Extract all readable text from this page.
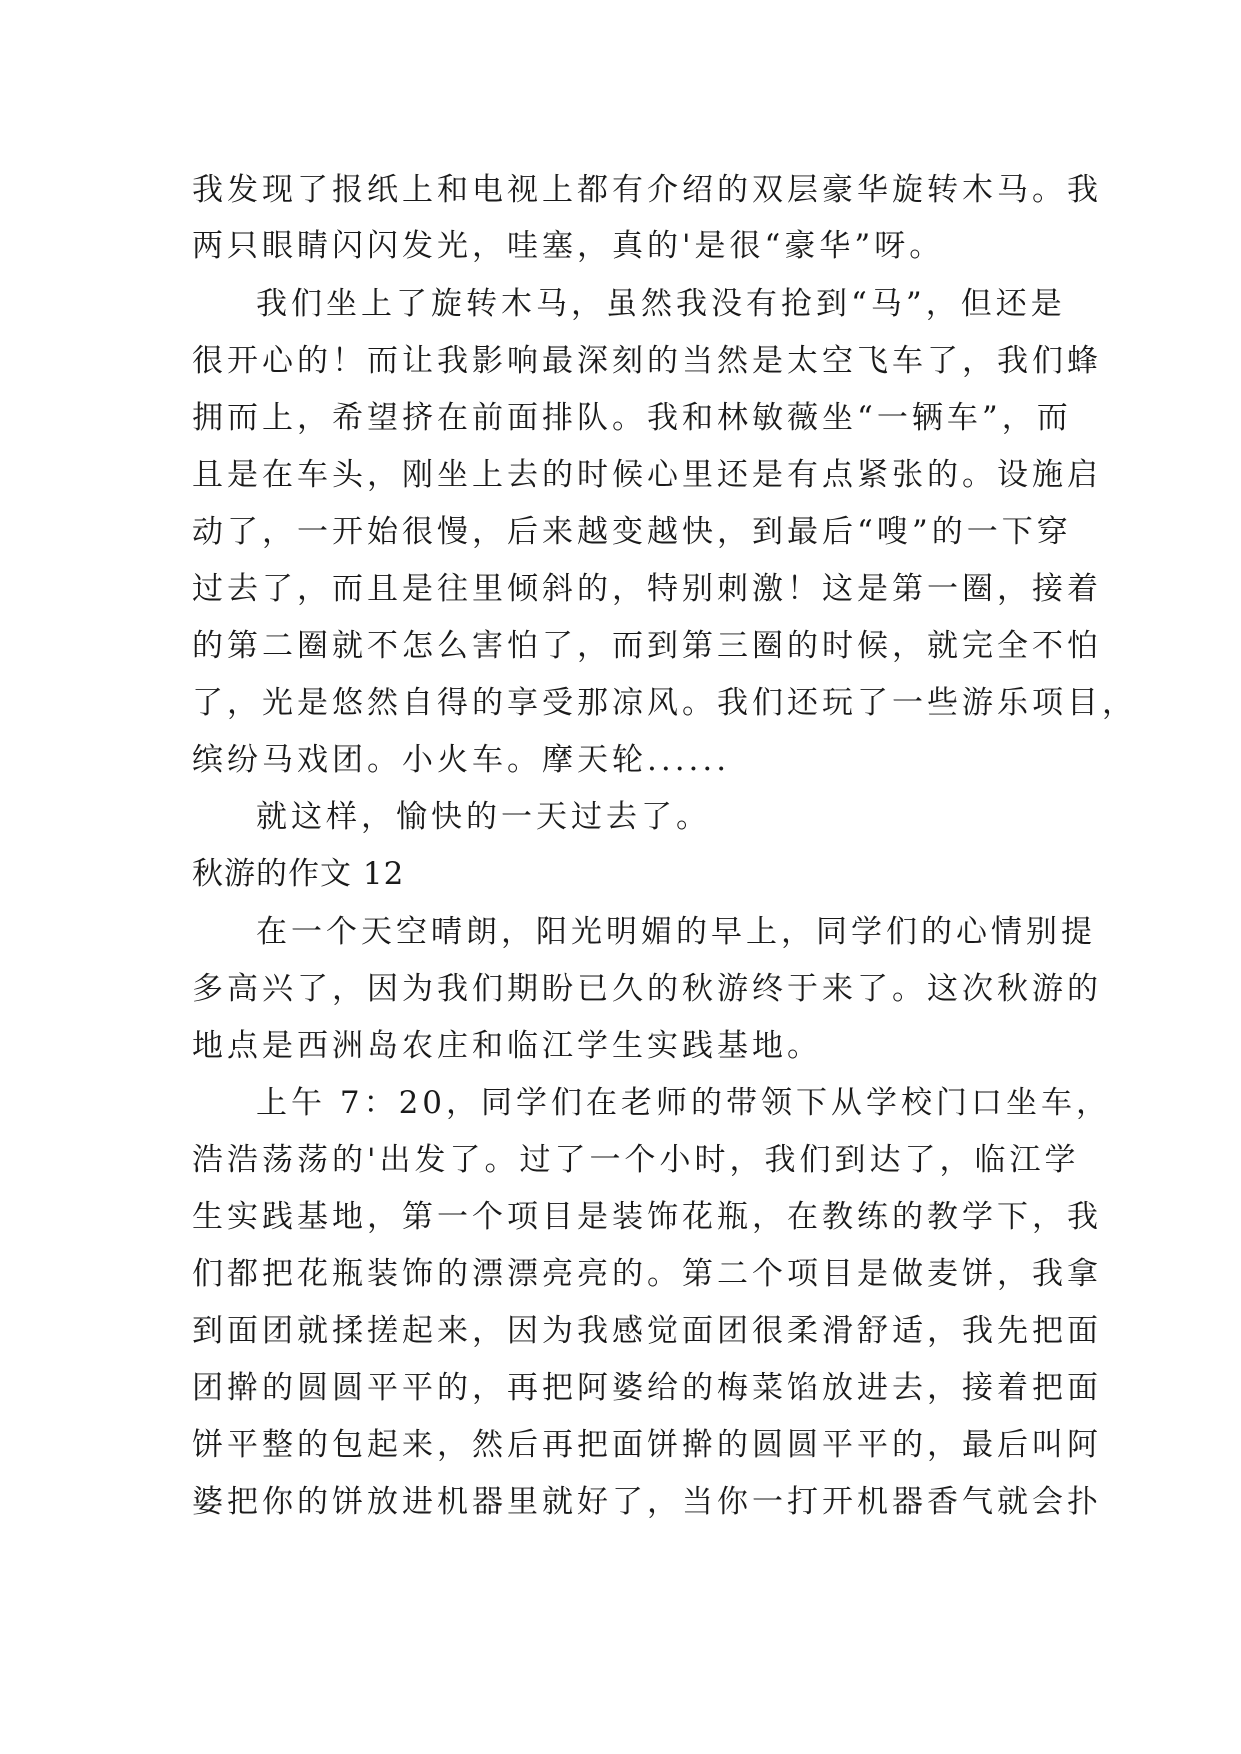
我发现了报纸上和电视上都有介绍的双层豪华旋转木马。我
两只眼睛闪闪发光，哇塞，真的'是很“豪华”呀。
我们坐上了旋转木马，虽然我没有抢到“马”，但还是
很开心的！而让我影响最深刻的当然是太空飞车了，我们蜂
拥而上，希望挤在前面排队。我和林敏薇坐“一辆车”，而
且是在车头，刚坐上去的时候心里还是有点紧张的。设施启
动了，一开始很慢，后来越变越快，到最后“嗖”的一下穿
过去了，而且是往里倾斜的，特别刺激！这是第一圈，接着
的第二圈就不怎么害怕了，而到第三圈的时候，就完全不怕
了，光是悠然自得的享受那凉风。我们还玩了一些游乐项目，
缤纷马戏团。小火车。摩天轮......
就这样，愉快的一天过去了。
秋游的作文 12
在一个天空晴朗，阳光明媚的早上，同学们的心情别提
多高兴了，因为我们期盼已久的秋游终于来了。这次秋游的
地点是西洲岛农庄和临江学生实践基地。
上午 7：20，同学们在老师的带领下从学校门口坐车，
浩浩荡荡的'出发了。过了一个小时，我们到达了，临江学
生实践基地，第一个项目是装饰花瓶，在教练的教学下，我
们都把花瓶装饰的漂漂亮亮的。第二个项目是做麦饼，我拿
到面团就揉搓起来，因为我感觉面团很柔滑舒适，我先把面
团擀的圆圆平平的，再把阿婆给的梅菜馅放进去，接着把面
饼平整的包起来，然后再把面饼擀的圆圆平平的，最后叫阿
婆把你的饼放进机器里就好了，当你一打开机器香气就会扑
